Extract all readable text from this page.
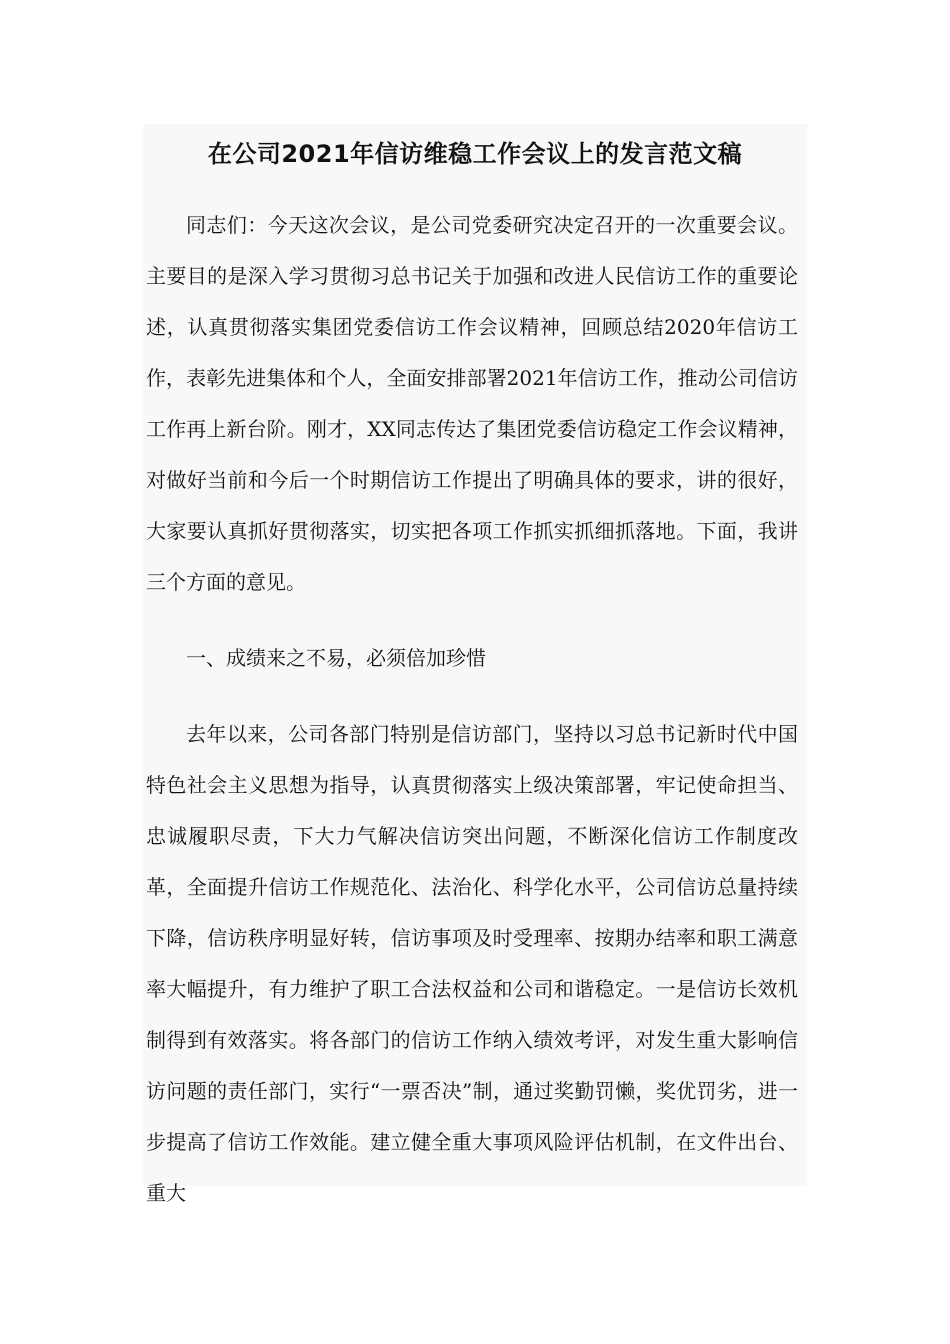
在公司2021年信访维稳工作会议上的发言范文稿

同志们：今天这次会议，是公司党委研究决定召开的一次重要会议。主要目的是深入学习贯彻习总书记关于加强和改进人民信访工作的重要论述，认真贯彻落实集团党委信访工作会议精神，回顾总结2020年信访工作，表彰先进集体和个人，全面安排部署2021年信访工作，推动公司信访工作再上新台阶。刚才，XX同志传达了集团党委信访稳定工作会议精神，对做好当前和今后一个时期信访工作提出了明确具体的要求，讲的很好，大家要认真抓好贯彻落实，切实把各项工作抓实抓细抓落地。下面，我讲三个方面的意见。

一、成绩来之不易，必须倍加珍惜

去年以来，公司各部门特别是信访部门，坚持以习总书记新时代中国特色社会主义思想为指导，认真贯彻落实上级决策部署，牢记使命担当、忠诚履职尽责，下大力气解决信访突出问题，不断深化信访工作制度改革，全面提升信访工作规范化、法治化、科学化水平，公司信访总量持续下降，信访秩序明显好转，信访事项及时受理率、按期办结率和职工满意率大幅提升，有力维护了职工合法权益和公司和谐稳定。一是信访长效机制得到有效落实。将各部门的信访工作纳入绩效考评，对发生重大影响信访问题的责任部门，实行“一票否决”制，通过奖勤罚懒，奖优罚劣，进一步提高了信访工作效能。建立健全重大事项风险评估机制，在文件出台、重大
